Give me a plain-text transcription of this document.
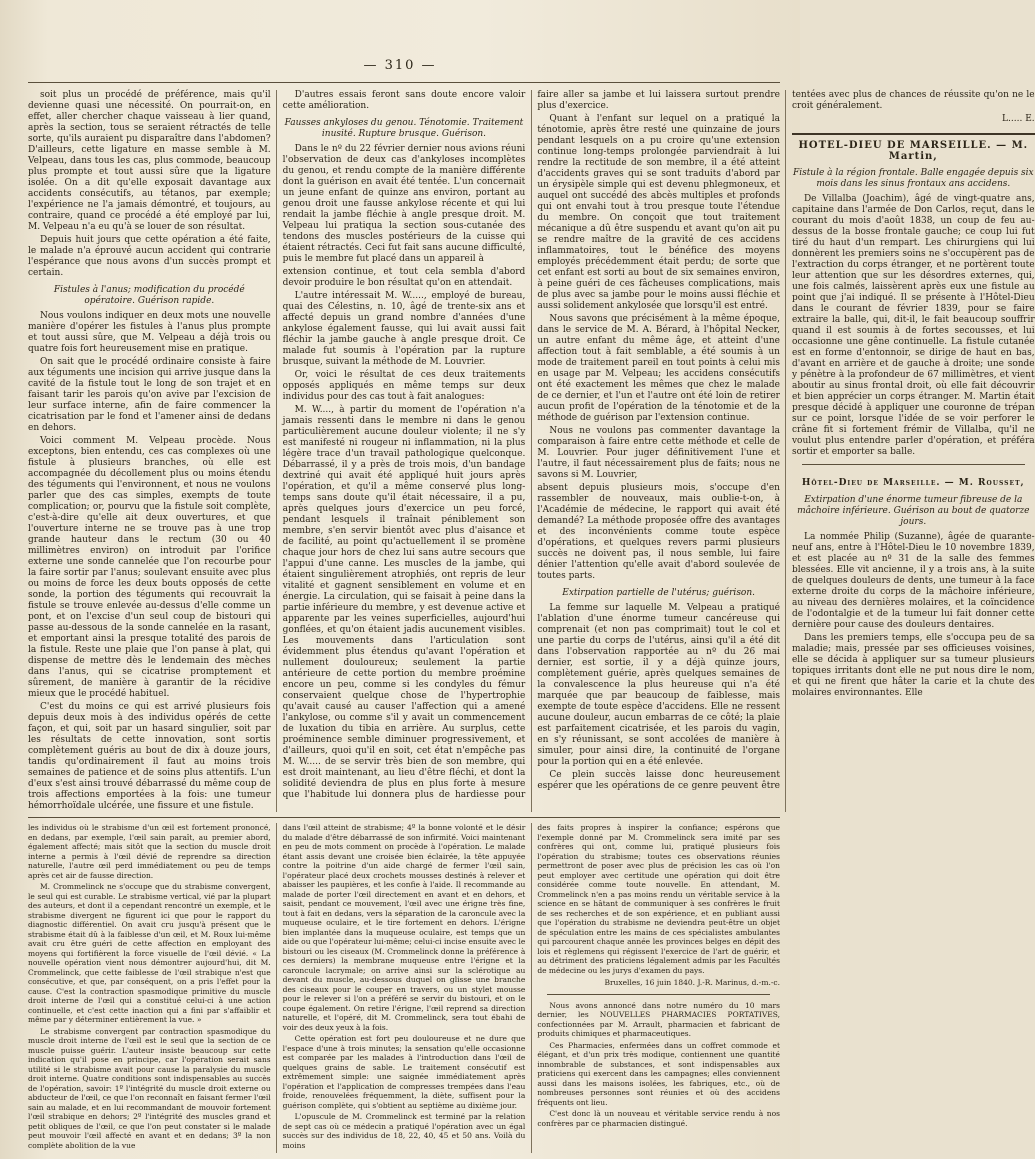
— 310 —

soit plus un procédé de préférence, mais qu'il devienne quasi une nécessité. On pourrait-on, en effet, aller chercher chaque vaisseau à lier quand, après la section, tous se seraient rétractés de telle sorte, qu'ils auraient pu disparaître dans l'abdomen? D'ailleurs, cette ligature en masse semble à M. Velpeau, dans tous les cas, plus commode, beaucoup plus prompte et tout aussi sûre que la ligature isolée. On a dit qu'elle exposait davantage aux accidents consécutifs, au tétanos, par exemple; l'expérience ne l'a jamais démontré, et toujours, au contraire, quand ce procédé a été employé par lui, M. Velpeau n'a eu qu'à se louer de son résultat.

Depuis huit jours que cette opération a été faite, le malade n'a éprouvé aucun accident qui contrarie l'espérance que nous avons d'un succès prompt et certain.

Fistules à l'anus; modification du procédé opératoire. Guérison rapide.

Nous voulons indiquer en deux mots une nouvelle manière d'opérer les fistules à l'anus plus prompte et tout aussi sûre, que M. Velpeau a déjà trois ou quatre fois fort heureusement mise en pratique.

On sait que le procédé ordinaire consiste à faire aux téguments une incision qui arrive jusque dans la cavité de la fistule tout le long de son trajet et en faisant tarir les parois qu'on avive par l'excision de leur surface interne, afin de faire commencer la cicatrisation par le fond et l'amener ainsi de dedans en dehors.

Voici comment M. Velpeau procède. Nous exceptons, bien entendu, ces cas complexes où une fistule à plusieurs branches, où elle est accompagnée du décollement plus ou moins étendu des téguments qui l'environnent, et nous ne voulons parler que des cas simples, exempts de toute complication; or, pourvu que la fistule soit complète, c'est-à-dire qu'elle ait deux ouvertures, et que l'ouverture interne ne se trouve pas à une trop grande hauteur dans le rectum (30 ou 40 millimètres environ) on introduit par l'orifice externe une sonde cannelée que l'on recourbe pour la faire sortir par l'anus; soulevant ensuite avec plus ou moins de force les deux bouts opposés de cette sonde, la portion des téguments qui recouvrait la fistule se trouve enlevée au-dessus d'elle comme un pont, et on l'excise d'un seul coup de bistouri qui passe au-dessous de la sonde cannelée en la rasant, et emportant ainsi la presque totalité des parois de la fistule. Reste une plaie que l'on panse à plat, qui dispense de mettre dès le lendemain des mèches dans l'anus, qui se cicatrise promptement et sûrement, de manière à garantir de la récidive mieux que le procédé habituel.

C'est du moins ce qui est arrivé plusieurs fois depuis deux mois à des individus opérés de cette façon, et qui, soit par un hasard singulier, soit par les résultats de cette innovation, sont sortis complètement guéris au bout de dix à douze jours, tandis qu'ordinairement il faut au moins trois semaines de patience et de soins plus attentifs. L'un d'eux s'est ainsi trouvé débarrassé du même coup de trois affections emportées à la fois: une tumeur hémorrhoïdale ulcérée, une fissure et une fistule.

D'autres essais feront sans doute encore valoir cette amélioration.

Fausses ankyloses du genou. Ténotomie. Traitement inusité. Rupture brusque. Guérison.

Dans le nº du 22 février dernier nous avions réuni l'observation de deux cas d'ankyloses incomplètes du genou, et rendu compte de la manière différente dont la guérison en avait été tentée. L'un concernait un jeune enfant de quinze ans environ, portant au genou droit une fausse ankylose récente et qui lui rendait la jambe fléchie à angle presque droit. M. Velpeau lui pratiqua la section sous-cutanée des tendons des muscles postérieurs de la cuisse qui étaient rétractés. Ceci fut fait sans aucune difficulté, puis le membre fut placé dans un appareil à

extension continue, et tout cela sembla d'abord devoir produire le bon résultat qu'on en attendait.

L'autre intéressait M. W....., employé de bureau, quai des Célestins, n. 10, âgé de trente-six ans et affecté depuis un grand nombre d'années d'une ankylose également fausse, qui lui avait aussi fait fléchir la jambe gauche à angle presque droit. Ce malade fut soumis à l'opération par la rupture brusque, suivant la méthode de M. Louvrier.

Or, voici le résultat de ces deux traitements opposés appliqués en même temps sur deux individus pour des cas tout à fait analogues:

M. W...., à partir du moment de l'opération n'a jamais ressenti dans le membre ni dans le genou particulièrement aucune douleur violente; il ne s'y est manifesté ni rougeur ni inflammation, ni la plus légère trace d'un travail pathologique quelconque. Débarrassé, il y a près de trois mois, d'un bandage dextriné qui avait été appliqué huit jours après l'opération, et qu'il a même conservé plus long-temps sans doute qu'il était nécessaire, il a pu, après quelques jours d'exercice un peu forcé, pendant lesquels il traînait péniblement son membre, s'en servir bientôt avec plus d'aisance et de facilité, au point qu'actuellement il se promène chaque jour hors de chez lui sans autre secours que l'appui d'une canne. Les muscles de la jambe, qui étaient singulièrement atrophiés, ont repris de leur vitalité et gagnent sensiblement en volume et en énergie. La circulation, qui se faisait à peine dans la partie inférieure du membre, y est devenue active et apparente par les veines superficielles, aujourd'hui gonflées, et qu'on étaient jadis aucunement visibles. Les mouvements dans l'articulation sont évidemment plus étendus qu'avant l'opération et nullement douloureux; seulement la partie antérieure de cette portion du membre proémine encore un peu, comme si les condyles du fémur conservaient quelque chose de l'hypertrophie qu'avait causé au causer l'affection qui a amené l'ankylose, ou comme s'il y avait un commencement de luxation du tibia en arrière. Au surplus, cette proéminence semble diminuer progressivement, et d'ailleurs, quoi qu'il en soit, cet état n'empêche pas M. W..... de se servir très bien de son membre, qui est droit maintenant, au lieu d'être fléchi, et dont la solidité deviendra de plus en plus forte à mesure que l'habitude lui donnera plus de hardiesse pour faire aller sa jambe et lui laissera surtout prendre plus d'exercice.

Quant à l'enfant sur lequel on a pratiqué la ténotomie, après être resté une quinzaine de jours pendant lesquels on a pu croire qu'une extension continue long-temps prolongée parviendrait à lui rendre la rectitude de son membre, il a été atteint d'accidents graves qui se sont traduits d'abord par un érysipèle simple qui est devenu phlegmoneux, et auquel ont succédé des abcès multiples et profonds qui ont envahi tout à trou presque toute l'étendue du membre. On conçoit que tout traitement mécanique a dû être suspendu et avant qu'on ait pu se rendre maître de la gravité de ces accidens inflammatoires, tout le bénéfice des moyens employés précédemment était perdu; de sorte que cet enfant est sorti au bout de six semaines environ, à peine guéri de ces fâcheuses complications, mais de plus avec sa jambe pour le moins aussi fléchie et aussi solidement ankylosée que lorsqu'il est entré.

Nous savons que précisément à la même époque, dans le service de M. A. Bérard, à l'hôpital Necker, un autre enfant du même âge, et atteint d'une affection tout à fait semblable, a été soumis à un mode de traitement pareil en tout points à celui mis en usage par M. Velpeau; les accidens consécutifs ont été exactement les mêmes que chez le malade de ce dernier, et l'un et l'autre ont été loin de retirer aucun profit de l'opération de la ténotomie et de la méthode de guérison par l'extension continue.

Nous ne voulons pas commenter davantage la comparaison à faire entre cette méthode et celle de M. Louvrier. Pour juger définitivement l'une et l'autre, il faut nécessairement plus de faits; nous ne savons si M. Louvrier,

absent depuis plusieurs mois, s'occupe d'en rassembler de nouveaux, mais oublie-t-on, à l'Académie de médecine, le rapport qui avait été demandé? La méthode proposée offre des avantages et des inconvénients comme toute espèce d'opérations, et quelques revers parmi plusieurs succès ne doivent pas, il nous semble, lui faire dénier l'attention qu'elle avait d'abord soulevée de toutes parts.

Extirpation partielle de l'utérus; guérison.

La femme sur laquelle M. Velpeau a pratiqué l'ablation d'une énorme tumeur cancéreuse qui comprenait (et non pas comprimait) tout le col et une partie du corps de l'utérus, ainsi qu'il a été dit dans l'observation rapportée au nº du 26 mai dernier, est sortie, il y a déjà quinze jours, complètement guérie, après quelques semaines de la convalescence la plus heureuse qui n'a été marquée que par beaucoup de faiblesse, mais exempte de toute espèce d'accidens. Elle ne ressent aucune douleur, aucun embarras de ce côté; la plaie est parfaitement cicatrisée, et les parois du vagin, en s'y réunissant, se sont accolées de manière à simuler, pour ainsi dire, la continuité de l'organe pour la portion qui en a été enlevée.

Ce plein succès laisse donc heureusement espérer que les opérations de ce genre peuvent être tentées avec plus de chances de réussite qu'on ne le croit généralement.

L..... E.

HOTEL-DIEU DE MARSEILLE. — M. Martin,

Fistule à la région frontale. Balle engagée depuis six mois dans les sinus frontaux ans accidens.

De Villalba (Joachim), âgé de vingt-quatre ans, capitaine dans l'armée de Don Carlos, reçut, dans le courant du mois d'août 1838, un coup de feu au-dessus de la bosse frontale gauche; ce coup lui fut tiré du haut d'un rempart. Les chirurgiens qui lui donnèrent les premiers soins ne s'occupèrent pas de l'extraction du corps étranger, et ne portèrent toute leur attention que sur les désordres externes, qui, une fois calmés, laissèrent après eux une fistule au point que j'ai indiqué. Il se présente à l'Hôtel-Dieu dans le courant de février 1839, pour se faire extraire la balle, qui, dit-il, le fait beaucoup souffrir quand il est soumis à de fortes secousses, et lui occasionne une gêne continuelle. La fistule cutanée est en forme d'entonnoir, se dirige de haut en bas, d'avant en arrière et de gauche à droite; une sonde y pénètre à la profondeur de 67 millimètres, et vient aboutir au sinus frontal droit, où elle fait découvrir et bien apprécier un corps étranger. M. Martin était presque décidé à appliquer une couronne de trépan sur ce point, lorsque l'idée de se voir perforer le crâne fit si fortement frémir de Villalba, qu'il ne voulut plus entendre parler d'opération, et préféra sortir et emporter sa balle.

Hôtel-Dieu de Marseille. — M. Rousset,

Extirpation d'une énorme tumeur fibreuse de la mâchoire inférieure. Guérison au bout de quatorze jours.

La nommée Philip (Suzanne), âgée de quarante-neuf ans, entre à l'Hôtel-Dieu le 10 novembre 1839, et est placée au nº 31 de la salle des femmes blessées. Elle vit ancienne, il y a trois ans, à la suite de quelques douleurs de dents, une tumeur à la face externe droite du corps de la mâchoire inférieure, au niveau des dernières molaires, et la coïncidence de l'odontalgie et de la tumeur lui fait donner cette dernière pour cause des douleurs dentaires.

Dans les premiers temps, elle s'occupa peu de sa maladie; mais, pressée par ses officieuses voisines, elle se décida à appliquer sur sa tumeur plusieurs topiques irritants dont elle ne put nous dire le nom, et qui ne firent que hâter la carie et la chute des molaires environnantes. Elle

les individus où le strabisme d'un œil est fortement prononcé, en dedans, par exemple, l'œil sain paraît, au premier abord, également affecté; mais sitôt que la section du muscle droit interne a permis à l'œil dévié de reprendre sa direction naturelle, l'autre œil perd immédiatement ou peu de temps après cet air de fausse direction.

M. Crommelinck ne s'occupe que du strabisme convergent, le seul qui est curable. Le strabisme vertical, vié par la plupart des auteurs, et dont il a cependant rencontré un exemple, et le strabisme divergent ne figurent ici que pour le rapport du diagnostic différentiel. On avait cru jusqu'à présent que le strabisme était dû à la faiblesse d'un œil, et M. Roux lui-même avait cru être guéri de cette affection en employant des moyens qui fortifièrent la force visuelle de l'œil dévié. « La nouvelle opération vient nous démontrer aujourd'hui, dit M. Crommelinck, que cette faiblesse de l'œil strabique n'est que consécutive, et que, par conséquent, on a pris l'effet pour la cause. C'est la contraction spasmodique primitive du muscle droit interne de l'œil qui a constitué celui-ci à une action continuelle, et c'est cette inaction qui a fini par s'affaiblir et même par y déterminer entièrement la vue. »

Le strabisme convergent par contraction spasmodique du muscle droit interne de l'œil est le seul que la section de ce muscle puisse guérir. L'auteur insiste beaucoup sur cette indication qu'il pose en principe, car l'opération serait sans utilité si le strabisme avait pour cause la paralysie du muscle droit interne. Quatre conditions sont indispensables au succès de l'opération, savoir: 1º l'intégrité du muscle droit externe ou abducteur de l'œil, ce que l'on reconnaît en faisant fermer l'œil sain au malade, et en lui recommandant de mouvoir fortement l'œil strabique en dehors; 2º l'intégrité des muscles grand et petit obliques de l'œil, ce que l'on peut constater si le malade peut mouvoir l'œil affecté en avant et en dedans; 3º la non complète abolition de la vue

dans l'œil atteint de strabisme; 4º la bonne volonté et le désir du malade d'être débarrassé de son infirmité. Voici maintenant en peu de mots comment on procède à l'opération. Le malade étant assis devant une croisée bien éclairée, la tête appuyée contre la poitrine d'un aide chargé de fermer l'œil sain, l'opérateur placé deux crochets mousses destinés à relever et abaisser les paupières, et les confie à l'aide. Il recommande au malade de porter l'œil directement en avant et en dehors, et saisit, pendant ce mouvement, l'œil avec une érigne très fine, tout à fait en dedans, vers la séparation de la caroncule avec la muqueuse oculaire, et le tire fortement en dehors. L'érigne bien implantée dans la muqueuse oculaire, est temps que un aide ou que l'opérateur lui-même; celui-ci incise ensuite avec le bistouri ou les ciseaux (M. Crommelinck donne la préférence à ces derniers) la membrane muqueuse entre l'érigne et la caroncule lacrymale; on arrive ainsi sur la sclérotique au devant du muscle, au-dessous duquel on glisse une branche des ciseaux pour le couper en travers, ou un stylet mousse pour le relever si l'on a préféré se servir du bistouri, et on le coupe également. On retire l'érigne, l'œil reprend sa direction naturelle, et l'opéré, dit M. Crommelinck, sera tout ébahi de voir des deux yeux à la fois.

Cette opération est fort peu douloureuse et ne dure que l'espace d'une à trois minutes; la sensation qu'elle occasionne est comparée par les malades à l'introduction dans l'œil de quelques grains de sable. Le traitement consécutif est extrêmement simple: une saignée immédiatement après l'opération et l'application de compresses trempées dans l'eau froide, renouvelées fréquemment, la diète, suffisent pour la guérison complète, qui s'obtient au septième au dixième jour.

L'opuscule de M. Crommelinck est terminé par la relation de sept cas où ce médecin a pratiqué l'opération avec un égal succès sur des individus de 18, 22, 40, 45 et 50 ans. Voilà du moins

des faits propres à inspirer la confiance; espérons que l'exemple donné par M. Crommelinck sera imité par ses confrères qui ont, comme lui, pratiqué plusieurs fois l'opération du strabisme; toutes ces observations réunies permettront de poser avec plus de précision les cas où l'on peut employer avec certitude une opération qui doit être considérée comme toute nouvelle. En attendant, M. Crommelinck n'en a pas moins rendu un véritable service à la science en se hâtant de communiquer à ses confrères le fruit de ses recherches et de son expérience, et en publiant aussi que l'opération du strabisme ne deviendra peut-être un objet de spéculation entre les mains de ces spécialistes ambulantes qui parcourent chaque année les provinces belges en dépit des lois et règlemens qui régissent l'exercice de l'art de guérir, et au détriment des praticiens légalement admis par les Facultés de médecine ou les jurys d'examen du pays.

Bruxelles, 16 juin 1840. J.-R. Marinus, d.-m.-c.

Nous avons annoncé dans notre numéro du 10 mars dernier, les NOUVELLES PHARMACIES PORTATIVES, confectionnées par M. Arrault, pharmacien et fabricant de produits chimiques et pharmaceutiques.

Ces Pharmacies, enfermées dans un coffret commode et élégant, et d'un prix très modique, contiennent une quantité innombrable de substances, et sont indispensables aux praticiens qui exercent dans les campagnes; elles conviennent aussi dans les maisons isolées, les fabriques, etc., où de nombreuses personnes sont réunies et où des accidens fréquents ont lieu.

C'est donc là un nouveau et véritable service rendu à nos confrères par ce pharmacien distingué.
